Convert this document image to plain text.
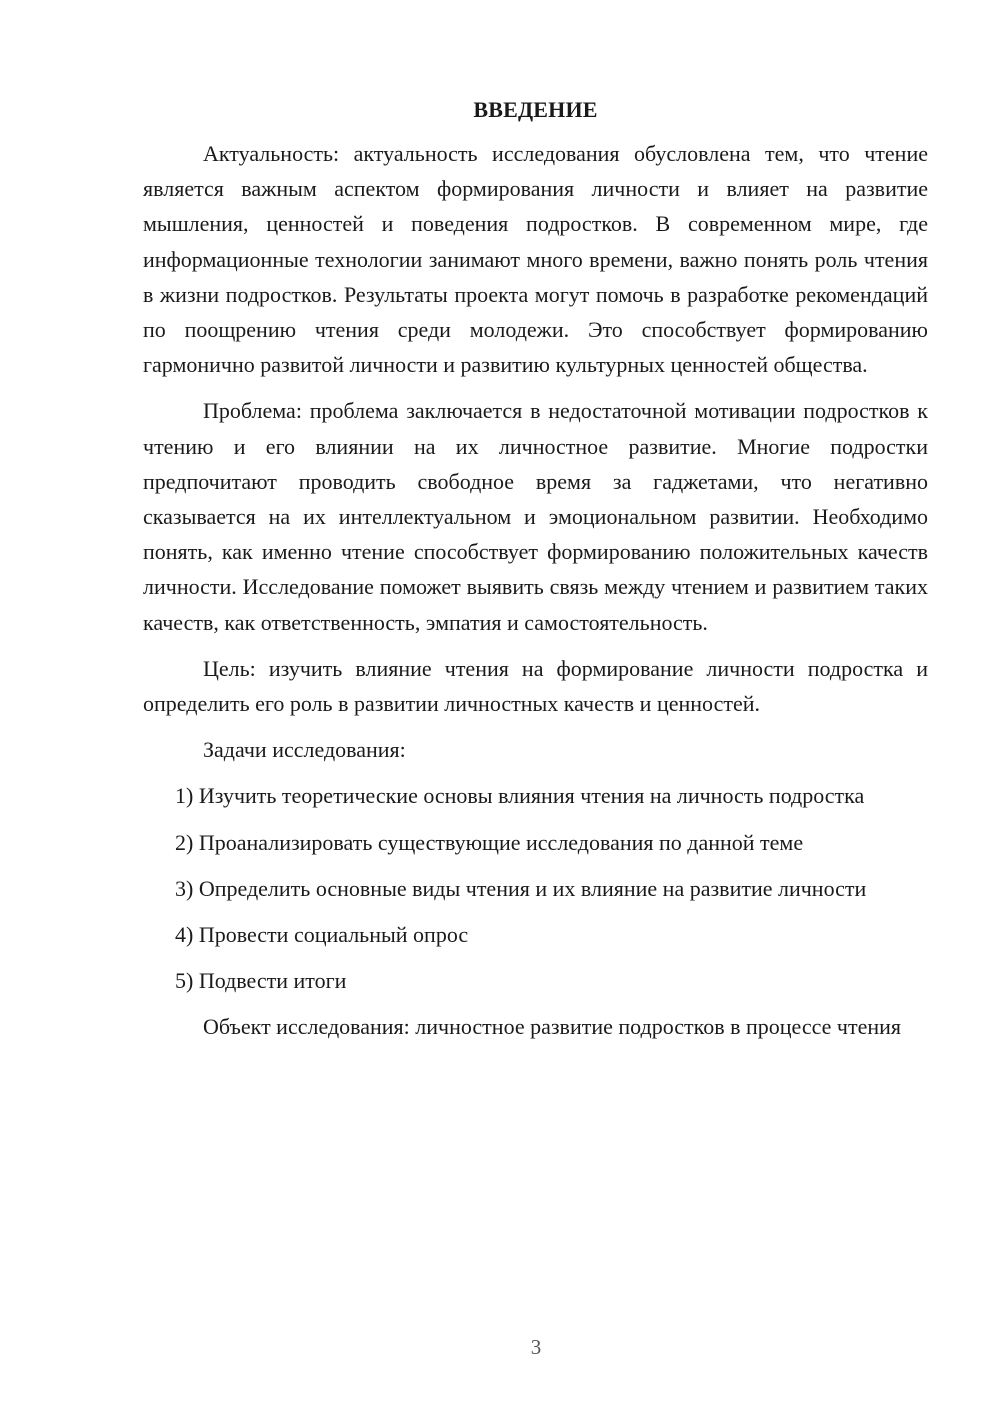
ВВЕДЕНИЕ

Актуальность: актуальность исследования обусловлена тем, что чтение является важным аспектом формирования личности и влияет на развитие мышления, ценностей и поведения подростков. В современном мире, где информационные технологии занимают много времени, важно понять роль чтения в жизни подростков. Результаты проекта могут помочь в разработке рекомендаций по поощрению чтения среди молодежи. Это способствует формированию гармонично развитой личности и развитию культурных ценностей общества.

Проблема: проблема заключается в недостаточной мотивации подростков к чтению и его влиянии на их личностное развитие. Многие подростки предпочитают проводить свободное время за гаджетами, что негативно сказывается на их интеллектуальном и эмоциональном развитии. Необходимо понять, как именно чтение способствует формированию положительных качеств личности. Исследование поможет выявить связь между чтением и развитием таких качеств, как ответственность, эмпатия и самостоятельность.

Цель: изучить влияние чтения на формирование личности подростка и определить его роль в развитии личностных качеств и ценностей.

Задачи исследования:

1) Изучить теоретические основы влияния чтения на личность подростка

2) Проанализировать существующие исследования по данной теме

3) Определить основные виды чтения и их влияние на развитие личности

4) Провести социальный опрос

5) Подвести итоги

Объект исследования: личностное развитие подростков в процессе чтения

3
